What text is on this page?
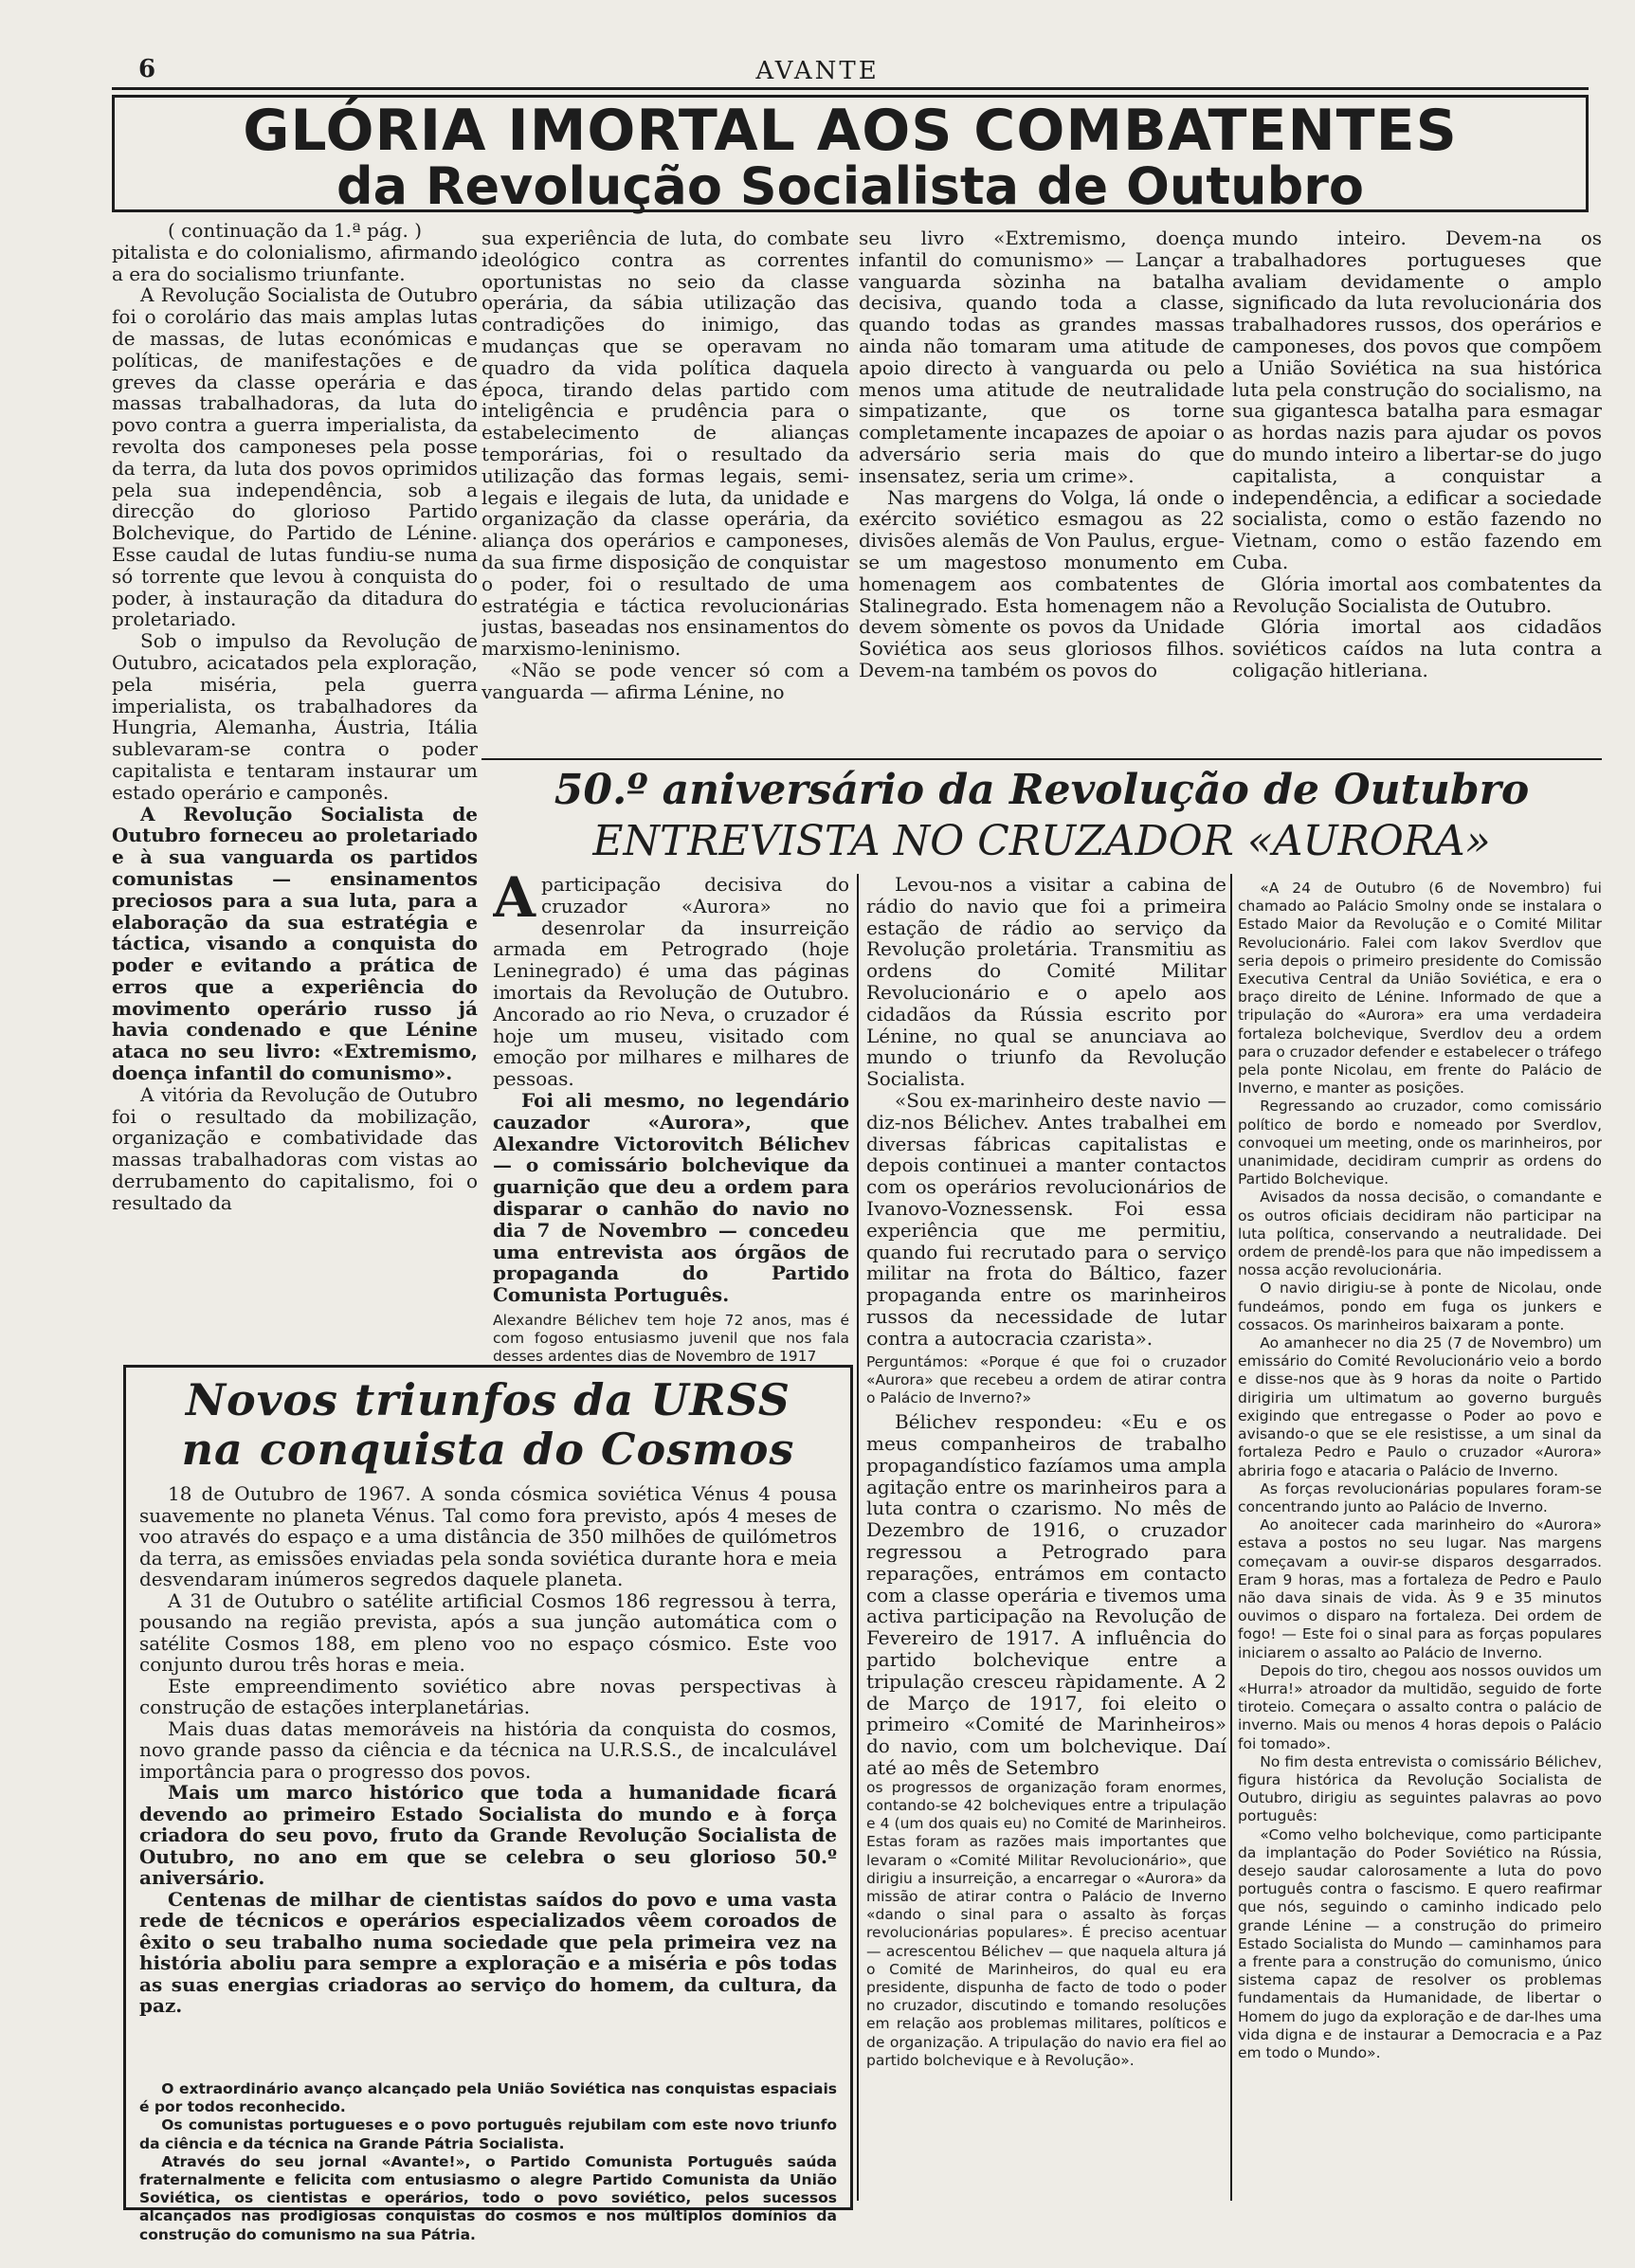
6	AVANTE
GLÓRIA IMORTAL AOS COMBATENTES
da Revolução Socialista de Outubro
( continuação da 1.ª pág. )

pitalista e do colonialismo, afirmando a era do socialismo triunfante.

A Revolução Socialista de Outubro foi o corolário das mais amplas lutas de massas, de lutas económicas e políticas, de manifestações e de greves da classe operária e das massas trabalhadoras, da luta do povo contra a guerra imperialista, da revolta dos camponeses pela posse da terra, da luta dos povos oprimidos pela sua independência, sob a direcção do glorioso Partido Bolchevique, do Partido de Lénine. Esse caudal de lutas fundiu-se numa só torrente que levou à conquista do poder, à instauração da ditadura do proletariado.

Sob o impulso da Revolução de Outubro, acicatados pela exploração, pela miséria, pela guerra imperialista, os trabalhadores da Hungria, Alemanha, Áustria, Itália sublevaram-se contra o poder capitalista e tentaram instaurar um estado operário e camponês.

A Revolução Socialista de Outubro forneceu ao proletariado e à sua vanguarda os partidos comunistas — ensinamentos preciosos para a sua luta, para a elaboração da sua estratégia e táctica, visando a conquista do poder e evitando a prática de erros que a experiência do movimento operário russo já havia condenado e que Lénine ataca no seu livro: «Extremismo, doença infantil do comunismo».

A vitória da Revolução de Outubro foi o resultado da mobilização, organização e combatividade das massas trabalhadoras com vistas ao derrubamento do capitalismo, foi o resultado da

sua experiência de luta, do combate ideológico contra as correntes oportunistas no seio da classe operária, da sábia utilização das contradições do inimigo, das mudanças que se operavam no quadro da vida política daquela época, tirando delas partido com inteligência e prudência para o estabelecimento de alianças temporárias, foi o resultado da utilização das formas legais, semi-legais e ilegais de luta, da unidade e organização da classe operária, da aliança dos operários e camponeses, da sua firme disposição de conquistar o poder, foi o resultado de uma estratégia e táctica revolucionárias justas, baseadas nos ensinamentos do marxismo-leninismo.

«Não se pode vencer só com a vanguarda — afirma Lénine, no

seu livro «Extremismo, doença infantil do comunismo» — Lançar a vanguarda sòzinha na batalha decisiva, quando toda a classe, quando todas as grandes massas ainda não tomaram uma atitude de apoio directo à vanguarda ou pelo menos uma atitude de neutralidade simpatizante, que os torne completamente incapazes de apoiar o adversário seria mais do que insensatez, seria um crime».

Nas margens do Volga, lá onde o exército soviético esmagou as 22 divisões alemãs de Von Paulus, ergue-se um magestoso monumento em homenagem aos combatentes de Stalinegrado. Esta homenagem não a devem sòmente os povos da Unidade Soviética aos seus gloriosos filhos. Devem-na também os povos do

mundo inteiro. Devem-na os trabalhadores portugueses que avaliam devidamente o amplo significado da luta revolucionária dos trabalhadores russos, dos operários e camponeses, dos povos que compõem a União Soviética na sua histórica luta pela construção do socialismo, na sua gigantesca batalha para esmagar as hordas nazis para ajudar os povos do mundo inteiro a libertar-se do jugo capitalista, a conquistar a independência, a edificar a sociedade socialista, como o estão fazendo no Vietnam, como o estão fazendo em Cuba.

Glória imortal aos combatentes da Revolução Socialista de Outubro.

Glória imortal aos cidadãos soviéticos caídos na luta contra a coligação hitleriana.

50.º aniversário da Revolução de Outubro
ENTREVISTA NO CRUZADOR «AURORA»
A participação decisiva do cruzador «Aurora» no desenrolar da insurreição armada em Petrogrado (hoje Leninegrado) é uma das páginas imortais da Revolução de Outubro. Ancorado ao rio Neva, o cruzador é hoje um museu, visitado com emoção por milhares e milhares de pessoas.

Foi ali mesmo, no legendário cauzador «Aurora», que Alexandre Victorovitch Bélichev — o comissário bolchevique da guarnição que deu a ordem para disparar o canhão do navio no dia 7 de Novembro — concedeu uma entrevista aos órgãos de propaganda do Partido Comunista Português.

Alexandre Bélichev tem hoje 72 anos, mas é com fogoso entusiasmo juvenil que nos fala desses ardentes dias de Novembro de 1917

Levou-nos a visitar a cabina de rádio do navio que foi a primeira estação de rádio ao serviço da Revolução proletária. Transmitiu as ordens do Comité Militar Revolucionário e o apelo aos cidadãos da Rússia escrito por Lénine, no qual se anunciava ao mundo o triunfo da Revolução Socialista.

«Sou ex-marinheiro deste navio — diz-nos Bélichev. Antes trabalhei em diversas fábricas capitalistas e depois continuei a manter contactos com os operários revolucionários de Ivanovo-Voznessensk. Foi essa experiência que me permitiu, quando fui recrutado para o serviço militar na frota do Báltico, fazer propaganda entre os marinheiros russos da necessidade de lutar contra a autocracia czarista».

Perguntámos: «Porque é que foi o cruzador «Aurora» que recebeu a ordem de atirar contra o Palácio de Inverno?»

Bélichev respondeu: «Eu e os meus companheiros de trabalho propagandístico fazíamos uma ampla agitação entre os marinheiros para a luta contra o czarismo. No mês de Dezembro de 1916, o cruzador regressou a Petrogrado para reparações, entrámos em contacto com a classe operária e tivemos uma activa participação na Revolução de Fevereiro de 1917. A influência do partido bolchevique entre a tripulação cresceu ràpidamente. A 2 de Março de 1917, foi eleito o primeiro «Comité de Marinheiros» do navio, com um bolchevique. Daí até ao mês de Setembro

os progressos de organização foram enormes, contando-se 42 bolcheviques entre a tripulação e 4 (um dos quais eu) no Comité de Marinheiros. Estas foram as razões mais importantes que levaram o «Comité Militar Revolucionário», que dirigiu a insurreição, a encarregar o «Aurora» da missão de atirar contra o Palácio de Inverno «dando o sinal para o assalto às forças revolucionárias populares». É preciso acentuar — acrescentou Bélichev — que naquela altura já o Comité de Marinheiros, do qual eu era presidente, dispunha de facto de todo o poder no cruzador, discutindo e tomando resoluções em relação aos problemas militares, políticos e de organização. A tripulação do navio era fiel ao partido bolchevique e à Revolução».

«A 24 de Outubro (6 de Novembro) fui chamado ao Palácio Smolny onde se instalara o Estado Maior da Revolução e o Comité Militar Revolucionário. Falei com Iakov Sverdlov que seria depois o primeiro presidente do Comissão Executiva Central da União Soviética, e era o braço direito de Lénine. Informado de que a tripulação do «Aurora» era uma verdadeira fortaleza bolchevique, Sverdlov deu a ordem para o cruzador defender e estabelecer o tráfego pela ponte Nicolau, em frente do Palácio de Inverno, e manter as posições.

Regressando ao cruzador, como comissário político de bordo e nomeado por Sverdlov, convoquei um meeting, onde os marinheiros, por unanimidade, decidiram cumprir as ordens do Partido Bolchevique.

Avisados da nossa decisão, o comandante e os outros oficiais decidiram não participar na luta política, conservando a neutralidade. Dei ordem de prendê-los para que não impedissem a nossa acção revolucionária.

O navio dirigiu-se à ponte de Nicolau, onde fundeámos, pondo em fuga os junkers e cossacos. Os marinheiros baixaram a ponte.

Ao amanhecer no dia 25 (7 de Novembro) um emissário do Comité Revolucionário veio a bordo e disse-nos que às 9 horas da noite o Partido dirigiria um ultimatum ao governo burguês exigindo que entregasse o Poder ao povo e avisando-o que se ele resistisse, a um sinal da fortaleza Pedro e Paulo o cruzador «Aurora» abriria fogo e atacaria o Palácio de Inverno.

As forças revolucionárias populares foram-se concentrando junto ao Palácio de Inverno.

Ao anoitecer cada marinheiro do «Aurora» estava a postos no seu lugar. Nas margens começavam a ouvir-se disparos desgarrados. Eram 9 horas, mas a fortaleza de Pedro e Paulo não dava sinais de vida. Às 9 e 35 minutos ouvimos o disparo na fortaleza. Dei ordem de fogo! — Este foi o sinal para as forças populares iniciarem o assalto ao Palácio de Inverno.

Depois do tiro, chegou aos nossos ouvidos um «Hurra!» atroador da multidão, seguido de forte tiroteio. Começara o assalto contra o palácio de inverno. Mais ou menos 4 horas depois o Palácio foi tomado».

No fim desta entrevista o comissário Bélichev, figura histórica da Revolução Socialista de Outubro, dirigiu as seguintes palavras ao povo português:

«Como velho bolchevique, como participante da implantação do Poder Soviético na Rússia, desejo saudar calorosamente a luta do povo português contra o fascismo. E quero reafirmar que nós, seguindo o caminho indicado pelo grande Lénine — a construção do primeiro Estado Socialista do Mundo — caminhamos para a frente para a construção do comunismo, único sistema capaz de resolver os problemas fundamentais da Humanidade, de libertar o Homem do jugo da exploração e de dar-lhes uma vida digna e de instaurar a Democracia e a Paz em todo o Mundo».

Novos triunfos da URSS
na conquista do Cosmos

18 de Outubro de 1967. A sonda cósmica soviética Vénus 4 pousa suavemente no planeta Vénus. Tal como fora previsto, após 4 meses de voo através do espaço e a uma distância de 350 milhões de quilómetros da terra, as emissões enviadas pela sonda soviética durante hora e meia desvendaram inúmeros segredos daquele planeta.

A 31 de Outubro o satélite artificial Cosmos 186 regressou à terra, pousando na região prevista, após a sua junção automática com o satélite Cosmos 188, em pleno voo no espaço cósmico. Este voo conjunto durou três horas e meia.

Este empreendimento soviético abre novas perspectivas à construção de estações interplanetárias.

Mais duas datas memoráveis na história da conquista do cosmos, novo grande passo da ciência e da técnica na U.R.S.S., de incalculável importância para o progresso dos povos.

Mais um marco histórico que toda a humanidade ficará devendo ao primeiro Estado Socialista do mundo e à força criadora do seu povo, fruto da Grande Revolução Socialista de Outubro, no ano em que se celebra o seu glorioso 50.º aniversário.

Centenas de milhar de cientistas saídos do povo e uma vasta rede de técnicos e operários especializados vêem coroados de êxito o seu trabalho numa sociedade que pela primeira vez na história aboliu para sempre a exploração e a miséria e pôs todas as suas energias criadoras ao serviço do homem, da cultura, da paz.

O extraordinário avanço alcançado pela União Soviética nas conquistas espaciais é por todos reconhecido.

Os comunistas portugueses e o povo português rejubilam com este novo triunfo da ciência e da técnica na Grande Pátria Socialista.

Através do seu jornal «Avante!», o Partido Comunista Português saúda fraternalmente e felicita com entusiasmo o alegre Partido Comunista da União Soviética, os cientistas e operários, todo o povo soviético, pelos sucessos alcançados nas prodigiosas conquistas do cosmos e nos múltiplos domínios da construção do comunismo na sua Pátria.
